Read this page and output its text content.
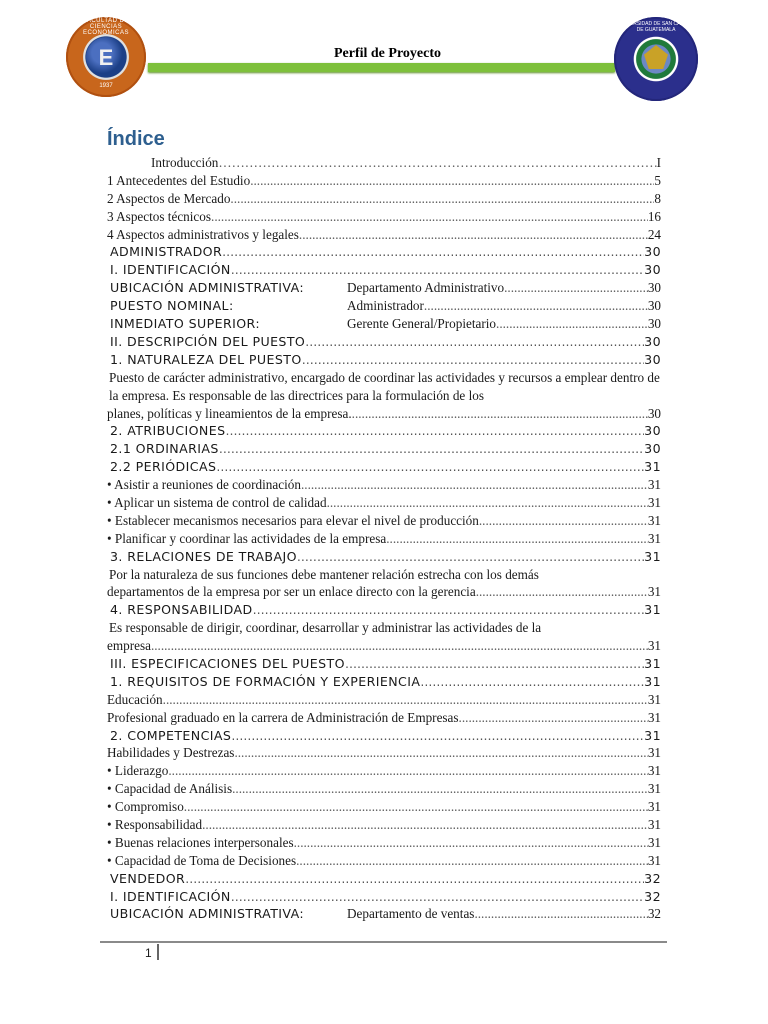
FACULTAD DE CIENCIAS ECONOMICAS
E
1937
Perfil de Proyecto
UNIVERSIDAD DE SAN CARLOS DE GUATEMALA
Índice
Introducción …………………………………………………………………………………………………………………	I
1 Antecedentes del Estudio .....	5
2 Aspectos de Mercado .....	8
3 Aspectos técnicos .....	16
4 Aspectos administrativos y legales .....	24
ADMINISTRADOR .....	30
I. IDENTIFICACIÓN .....	30
UBICACIÓN ADMINISTRATIVA:	Departamento Administrativo .....	30
PUESTO NOMINAL:	Administrador .....	30
INMEDIATO SUPERIOR:	Gerente General/Propietario .....	30
II. DESCRIPCIÓN DEL PUESTO .....	30
1. NATURALEZA DEL PUESTO .....	30
Puesto de carácter administrativo, encargado de coordinar las actividades y recursos a emplear dentro de la empresa. Es responsable de las directrices para la formulación de los
planes, políticas y lineamientos de la empresa. .....	30
2. ATRIBUCIONES .....	30
2.1 ORDINARIAS .....	30
2.2 PERIÓDICAS .....	31
• Asistir a reuniones de coordinación .....	31
• Aplicar un sistema de control de calidad .....	31
• Establecer mecanismos necesarios para elevar el nivel de producción .....	31
• Planificar y coordinar las actividades de la empresa .....	31
3. RELACIONES DE TRABAJO .....	31
Por la naturaleza de sus funciones debe mantener relación estrecha con los demás
departamentos de la empresa por ser un enlace directo con la gerencia .....	31
4. RESPONSABILIDAD .....	31
Es responsable de dirigir, coordinar, desarrollar y administrar las actividades de la
empresa .....	31
III. ESPECIFICACIONES DEL PUESTO .....	31
1. REQUISITOS DE FORMACIÓN Y EXPERIENCIA .....	31
Educación .....	31
Profesional graduado en la carrera de Administración de Empresas .....	31
2. COMPETENCIAS .....	31
Habilidades y Destrezas .....	31
• Liderazgo .....	31
• Capacidad de Análisis .....	31
• Compromiso .....	31
• Responsabilidad .....	31
• Buenas relaciones interpersonales .....	31
• Capacidad de Toma de Decisiones .....	31
VENDEDOR .....	32
I. IDENTIFICACIÓN .....	32
UBICACIÓN ADMINISTRATIVA:	Departamento de ventas .....	32
1
